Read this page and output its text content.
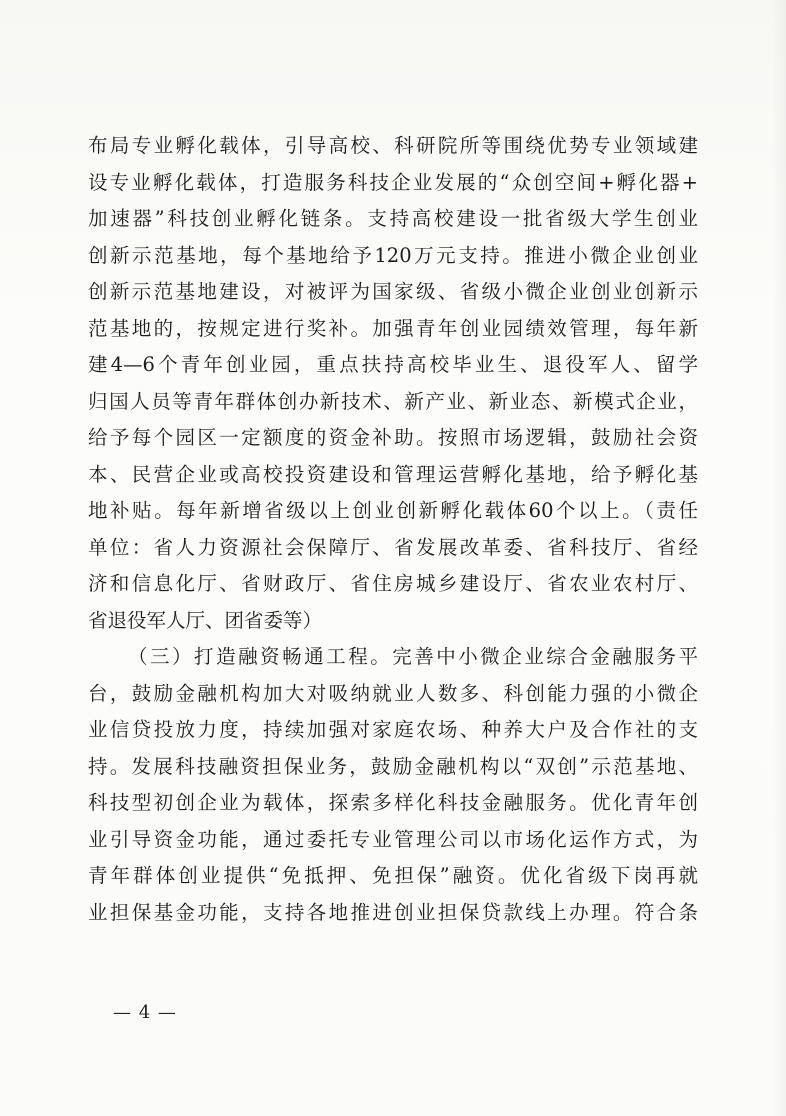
布局专业孵化载体，引导高校、科研院所等围绕优势专业领域建
设专业孵化载体，打造服务科技企业发展的“众创空间+孵化器+
加速器”科技创业孵化链条。支持高校建设一批省级大学生创业
创新示范基地，每个基地给予120万元支持。推进小微企业创业
创新示范基地建设，对被评为国家级、省级小微企业创业创新示
范基地的，按规定进行奖补。加强青年创业园绩效管理，每年新
建4—6个青年创业园，重点扶持高校毕业生、退役军人、留学
归国人员等青年群体创办新技术、新产业、新业态、新模式企业，
给予每个园区一定额度的资金补助。按照市场逻辑，鼓励社会资
本、民营企业或高校投资建设和管理运营孵化基地，给予孵化基
地补贴。每年新增省级以上创业创新孵化载体60个以上。（责任
单位：省人力资源社会保障厅、省发展改革委、省科技厅、省经
济和信息化厅、省财政厅、省住房城乡建设厅、省农业农村厅、
省退役军人厅、团省委等）
（三）打造融资畅通工程。完善中小微企业综合金融服务平
台，鼓励金融机构加大对吸纳就业人数多、科创能力强的小微企
业信贷投放力度，持续加强对家庭农场、种养大户及合作社的支
持。发展科技融资担保业务，鼓励金融机构以“双创”示范基地、
科技型初创企业为载体，探索多样化科技金融服务。优化青年创
业引导资金功能，通过委托专业管理公司以市场化运作方式，为
青年群体创业提供“免抵押、免担保”融资。优化省级下岗再就
业担保基金功能，支持各地推进创业担保贷款线上办理。符合条
— 4 —
